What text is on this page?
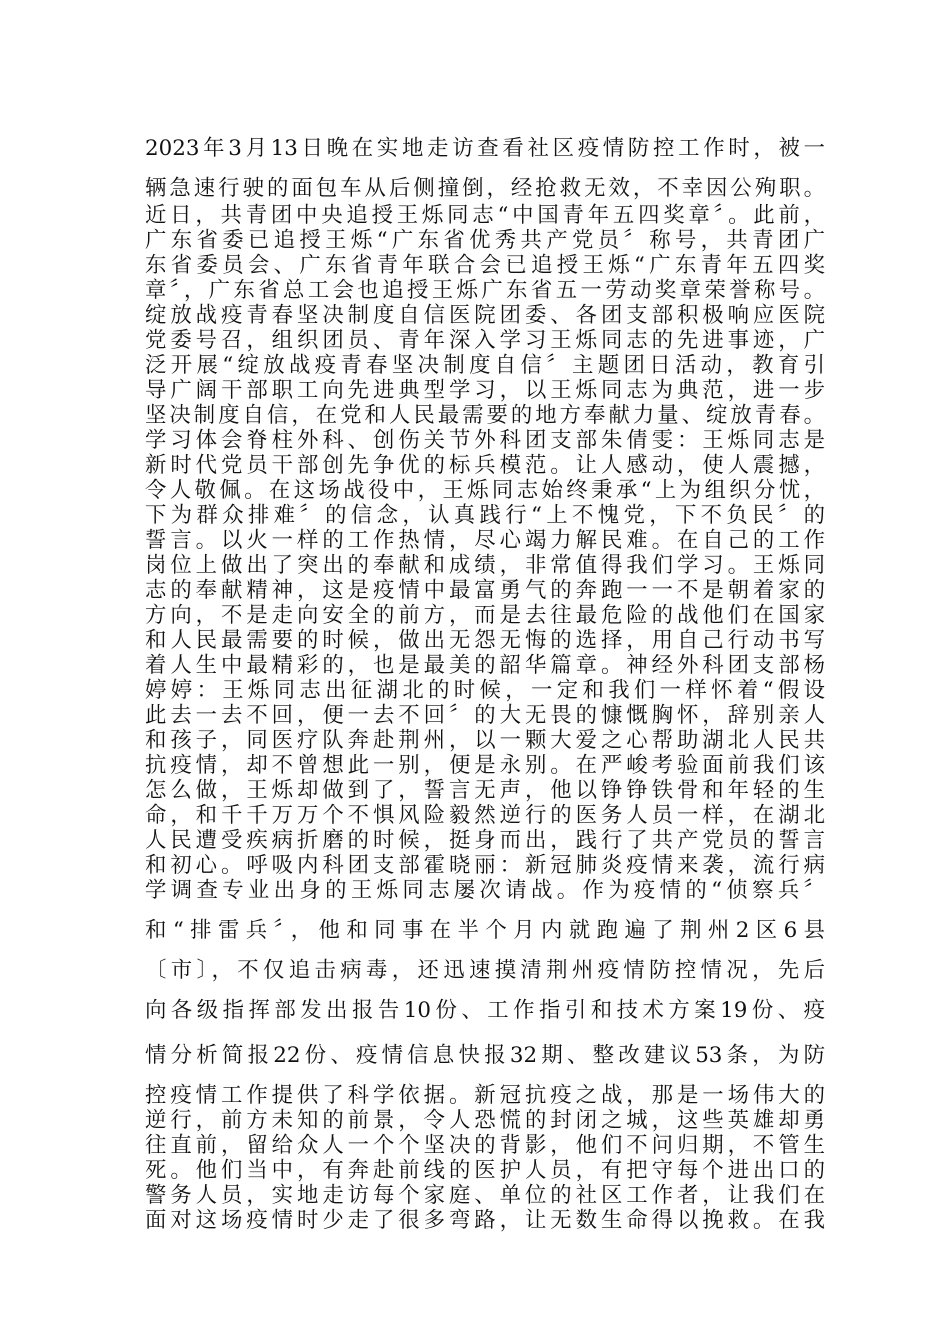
2023年3月13日晚在实地走访查看社区疫情防控工作时，被一
辆急速行驶的面包车从后侧撞倒，经抢救无效，不幸因公殉职。
近日，共青团中央追授王烁同志“中国青年五四奖章〞。此前，
广东省委已追授王烁“广东省优秀共产党员〞称号，共青团广
东省委员会、广东省青年联合会已追授王烁“广东青年五四奖
章〞，广东省总工会也追授王烁广东省五一劳动奖章荣誉称号。
绽放战疫青春坚决制度自信医院团委、各团支部积极响应医院
党委号召，组织团员、青年深入学习王烁同志的先进事迹，广
泛开展“绽放战疫青春坚决制度自信〞主题团日活动，教育引
导广阔干部职工向先进典型学习，以王烁同志为典范，进一步
坚决制度自信，在党和人民最需要的地方奉献力量、绽放青春。
学习体会脊柱外科、创伤关节外科团支部朱倩雯：王烁同志是
新时代党员干部创先争优的标兵模范。让人感动，使人震撼，
令人敬佩。在这场战役中，王烁同志始终秉承“上为组织分忧，
下为群众排难〞的信念，认真践行“上不愧党，下不负民〞的
誓言。以火一样的工作热情，尽心竭力解民难。在自己的工作
岗位上做出了突出的奉献和成绩，非常值得我们学习。王烁同
志的奉献精神，这是疫情中最富勇气的奔跑一一不是朝着家的
方向，不是走向安全的前方，而是去往最危险的战他们在国家
和人民最需要的时候，做出无怨无悔的选择，用自己行动书写
着人生中最精彩的，也是最美的韶华篇章。神经外科团支部杨
婷婷：王烁同志出征湖北的时候，一定和我们一样怀着“假设
此去一去不回，便一去不回〞的大无畏的慷慨胸怀，辞别亲人
和孩子，同医疗队奔赴荆州，以一颗大爱之心帮助湖北人民共
抗疫情，却不曾想此一别，便是永别。在严峻考验面前我们该
怎么做，王烁却做到了，誓言无声，他以铮铮铁骨和年轻的生
命，和千千万万个不惧风险毅然逆行的医务人员一样，在湖北
人民遭受疾病折磨的时候，挺身而出，践行了共产党员的誓言
和初心。呼吸内科团支部霍晓丽：新冠肺炎疫情来袭，流行病
学调查专业出身的王烁同志屡次请战。作为疫情的“侦察兵〞
和“排雷兵〞，他和同事在半个月内就跑遍了荆州2区6县
〔市〕，不仅追击病毒，还迅速摸清荆州疫情防控情况，先后
向各级指挥部发出报告10份、工作指引和技术方案19份、疫
情分析简报22份、疫情信息快报32期、整改建议53条，为防
控疫情工作提供了科学依据。新冠抗疫之战，那是一场伟大的
逆行，前方未知的前景，令人恐慌的封闭之城，这些英雄却勇
往直前，留给众人一个个坚决的背影，他们不问归期，不管生
死。他们当中，有奔赴前线的医护人员，有把守每个进出口的
警务人员，实地走访每个家庭、单位的社区工作者，让我们在
面对这场疫情时少走了很多弯路，让无数生命得以挽救。在我
